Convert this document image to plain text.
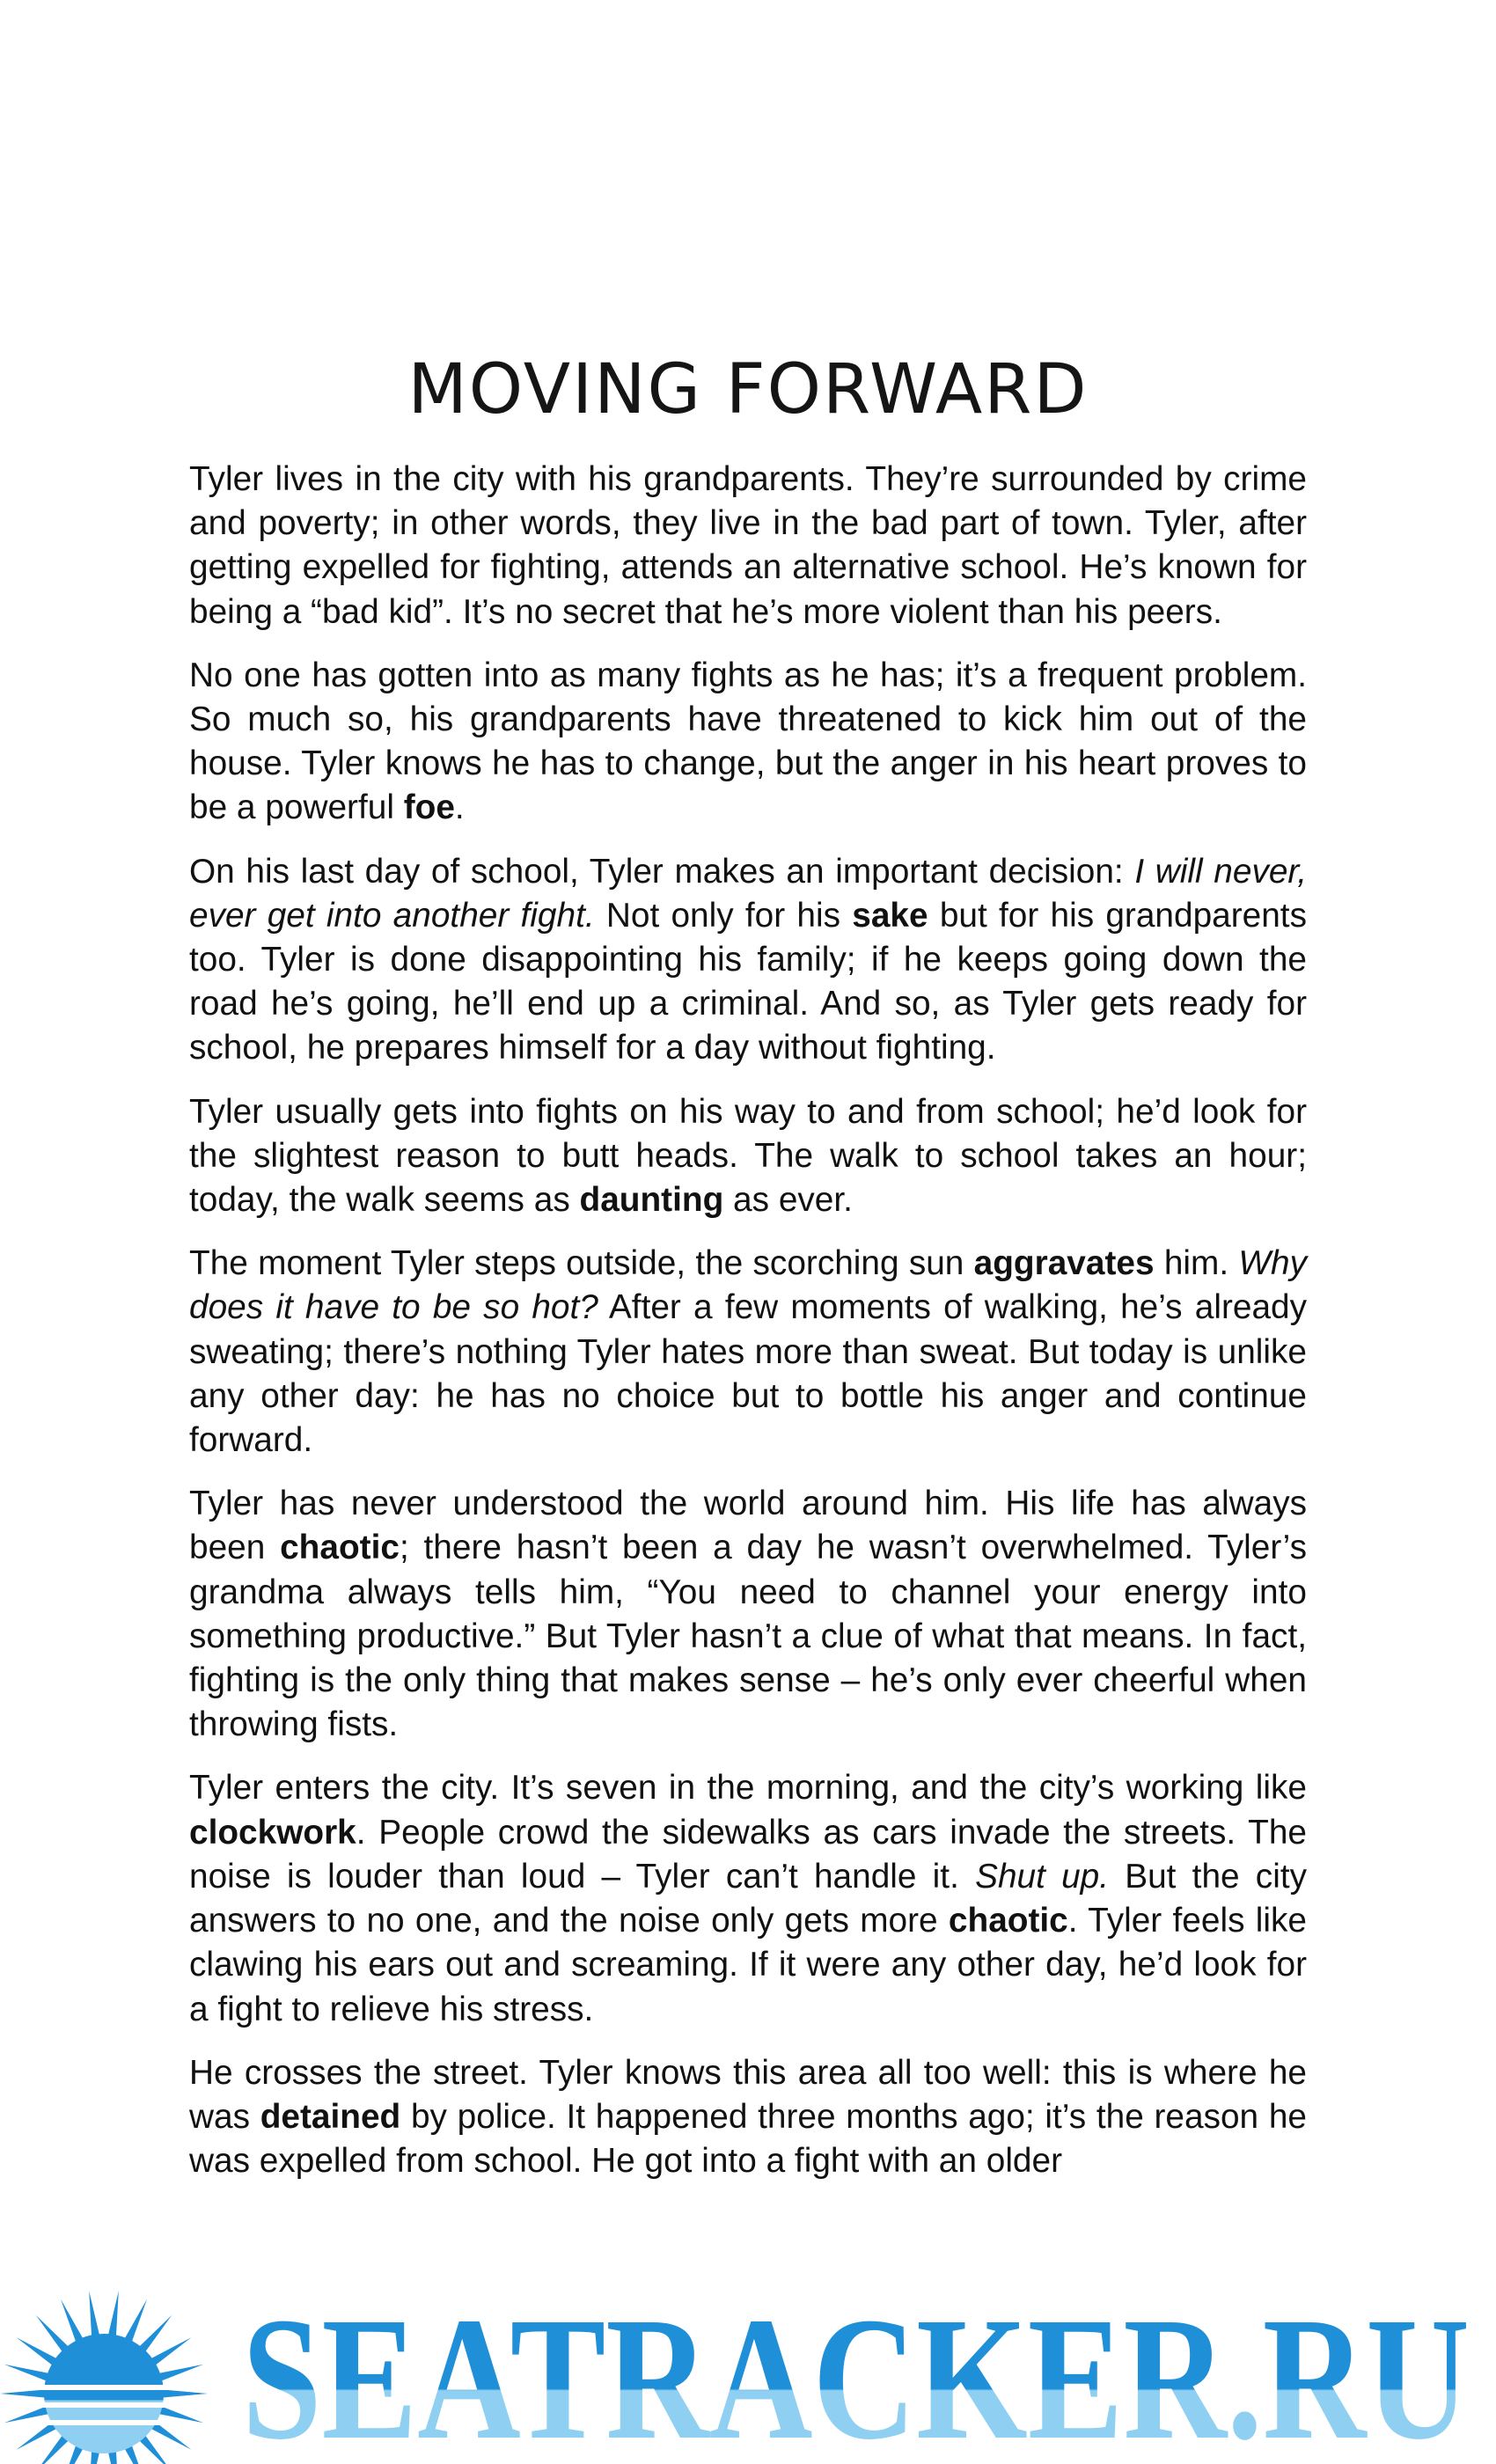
MOVING FORWARD

Tyler lives in the city with his grandparents. They’re surrounded by crime and poverty; in other words, they live in the bad part of town. Tyler, after getting expelled for fighting, attends an alternative school. He’s known for being a “bad kid”. It’s no secret that he’s more violent than his peers.

No one has gotten into as many fights as he has; it’s a frequent problem. So much so, his grandparents have threatened to kick him out of the house. Tyler knows he has to change, but the anger in his heart proves to be a powerful foe.

On his last day of school, Tyler makes an important decision: I will never, ever get into another fight. Not only for his sake but for his grandparents too. Tyler is done disappointing his family; if he keeps going down the road he’s going, he’ll end up a criminal. And so, as Tyler gets ready for school, he prepares himself for a day without fighting.

Tyler usually gets into fights on his way to and from school; he’d look for the slightest reason to butt heads. The walk to school takes an hour; today, the walk seems as daunting as ever.

The moment Tyler steps outside, the scorching sun aggravates him. Why does it have to be so hot? After a few moments of walking, he’s already sweating; there’s nothing Tyler hates more than sweat. But today is unlike any other day: he has no choice but to bottle his anger and continue forward.

Tyler has never understood the world around him. His life has always been chaotic; there hasn’t been a day he wasn’t overwhelmed. Tyler’s grandma always tells him, “You need to channel your energy into something productive.” But Tyler hasn’t a clue of what that means. In fact, fighting is the only thing that makes sense – he’s only ever cheerful when throwing fists.

Tyler enters the city. It’s seven in the morning, and the city’s working like clockwork. People crowd the sidewalks as cars invade the streets. The noise is louder than loud – Tyler can’t handle it. Shut up. But the city answers to no one, and the noise only gets more chaotic. Tyler feels like clawing his ears out and screaming. If it were any other day, he’d look for a fight to relieve his stress.

He crosses the street. Tyler knows this area all too well: this is where he was detained by police. It happened three months ago; it’s the reason he was expelled from school. He got into a fight with an older

SEATRACKER.RU
